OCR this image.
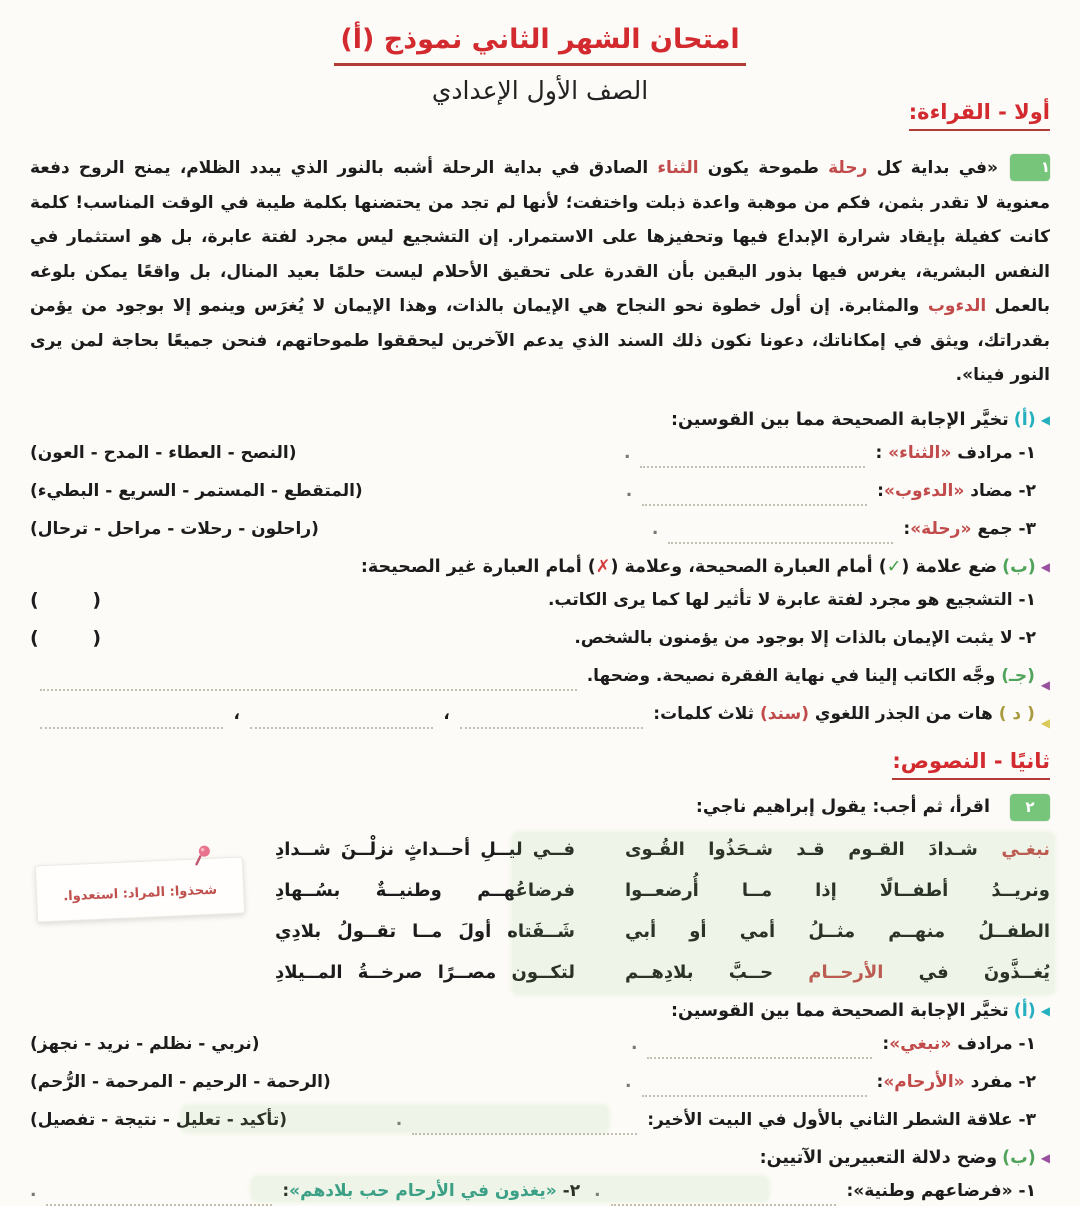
امتحان الشهر الثاني نموذج (أ)
الصف الأول الإعدادي
أولا - القراءة:

١
«في بداية كل رحلة طموحة يكون الثناء الصادق في بداية الرحلة أشبه بالنور الذي يبدد الظلام، يمنح الروح دفعة معنوية لا تقدر بثمن، فكم من موهبة واعدة ذبلت واختفت؛ لأنها لم تجد من يحتضنها بكلمة طيبة في الوقت المناسب! كلمة كانت كفيلة بإيقاد شرارة الإبداع فيها وتحفيزها على الاستمرار. إن التشجيع ليس مجرد لفتة عابرة، بل هو استثمار في النفس البشرية، يغرس فيها بذور اليقين بأن القدرة على تحقيق الأحلام ليست حلمًا بعيد المنال، بل واقعًا يمكن بلوغه بالعمل الدءوب والمثابرة. إن أول خطوة نحو النجاح هي الإيمان بالذات، وهذا الإيمان لا يُغرَس وينمو إلا بوجود من يؤمن بقدراتك، ويثق في إمكاناتك، دعونا نكون ذلك السند الذي يدعم الآخرين ليحققوا طموحاتهم، فنحن جميعًا بحاجة لمن يرى النور فينا».

◀
(أ)
تخيَّر الإجابة الصحيحة مما بين القوسين:
١- مرادف «الثناء» :
.
(النصح - العطاء - المدح - العون)
٢- مضاد «الدءوب»:
.
(المتقطع - المستمر - السريع - البطيء)
٣- جمع «رحلة»:
.
(راحلون - رحلات - مراحل - ترحال)
◀
(ب)
ضع علامة (✓) أمام العبارة الصحيحة، وعلامة (✗) أمام العبارة غير الصحيحة:
١- التشجيع هو مجرد لفتة عابرة لا تأثير لها كما يرى الكاتب.
(      )
٢- لا يثبت الإيمان بالذات إلا بوجود من يؤمنون بالشخص.
(      )
◀

(جـ)

وجَّه الكاتب إلينا في نهاية الفقرة نصيحة. وضحها.
◀

( د )

هات من الجذر اللغوي (سند) ثلاث كلمات:
،
،
ثانيًا - النصوص:
٢
اقرأ، ثم أجب: يقول إبراهيم ناجي:
نبغـي شـدادَ القـوم قـد شـحَذُوا القُـوى
فــي ليــلِ أحــداثٍ نزلْــنَ شــدادِ
ونريــدُ أطفــالًا إذا مــا أُرضعــوا
فرضاعُهــم وطنيــةٌ بسُــهادِ
الطفــلُ منهــم مثــلُ أمي أو أبي
شَــفَتاه أولَ مــا تقــولُ بلادِي
يُغــذَّونَ في الأرحــام حــبَّ بلادِهــم
لتكــون مصــرًا صرخــةُ المــيلادِ
شحذوا: المراد: استعدوا.
◀
(أ)
تخيَّر الإجابة الصحيحة مما بين القوسين:
١- مرادف «نبغي»:
.
(نربي - نظلم - نريد - نجهز)
٢- مفرد «الأرحام»:
.
(الرحمة - الرحيم - المرحمة - الرُّحم)
٣- علاقة الشطر الثاني بالأول في البيت الأخير:
.
(تأكيد - تعليل - نتيجة - تفصيل)
◀
(ب)
وضح دلالة التعبيرين الآتيين:
١- «فرضاعهم وطنية»:
.
٢- «يغذون في الأرحام حب بلادهم»:
.
